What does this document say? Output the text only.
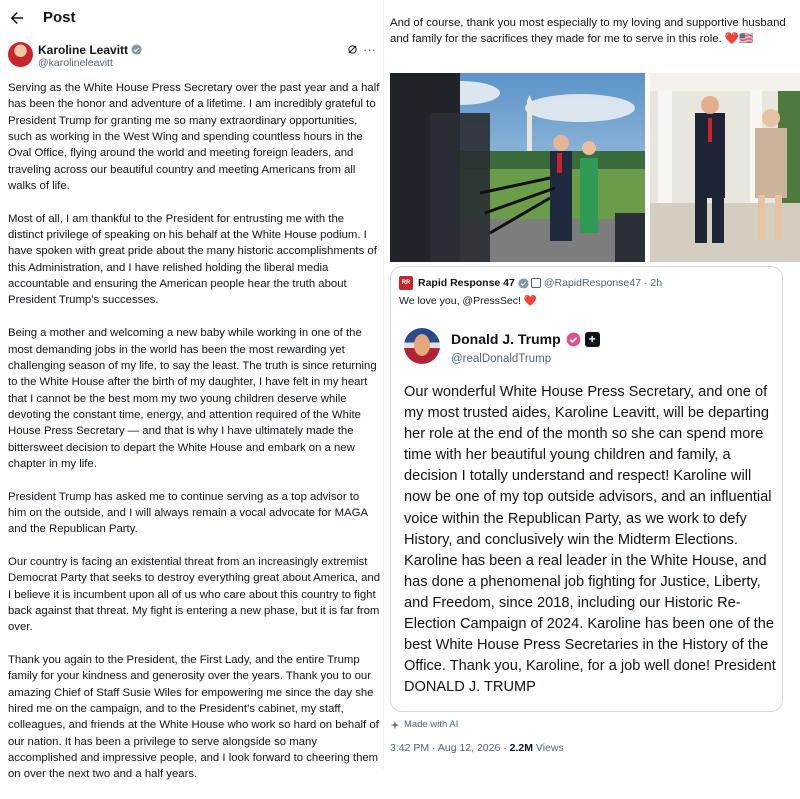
Post
Karoline Leavitt
@karolineleavitt
···

Serving as the White House Press Secretary over the past year and a half has been the honor and adventure of a lifetime. I am incredibly grateful to President Trump for granting me so many extraordinary opportunities, such as working in the West Wing and spending countless hours in the Oval Office, flying around the world and meeting foreign leaders, and traveling across our beautiful country and meeting Americans from all walks of life.

Most of all, I am thankful to the President for entrusting me with the distinct privilege of speaking on his behalf at the White House podium. I have spoken with great pride about the many historic accomplishments of this Administration, and I have relished holding the liberal media accountable and ensuring the American people hear the truth about President Trump’s successes.

Being a mother and welcoming a new baby while working in one of the most demanding jobs in the world has been the most rewarding yet challenging season of my life, to say the least. The truth is since returning to the White House after the birth of my daughter, I have felt in my heart that I cannot be the best mom my two young children deserve while devoting the constant time, energy, and attention required of the White House Press Secretary — and that is why I have ultimately made the bittersweet decision to depart the White House and embark on a new chapter in my life.

President Trump has asked me to continue serving as a top advisor to him on the outside, and I will always remain a vocal advocate for MAGA and the Republican Party.

Our country is facing an existential threat from an increasingly extremist Democrat Party that seeks to destroy everything great about America, and I believe it is incumbent upon all of us who care about this country to fight back against that threat. My fight is entering a new phase, but it is far from over.

Thank you again to the President, the First Lady, and the entire Trump family for your kindness and generosity over the years. Thank you to our amazing Chief of Staff Susie Wiles for empowering me since the day she hired me on the campaign, and to the President’s cabinet, my staff, colleagues, and friends at the White House who work so hard on behalf of our nation. It has been a privilege to serve alongside so many accomplished and impressive people, and I look forward to cheering them on over the next two and a half years.

And of course, thank you most especially to my loving and supportive husband and family for the sacrifices they made for me to serve in this role. ❤️🇺🇸
RR Rapid Response 47	@RapidResponse47 · 2h
We love you, @PressSec! ❤️
Donald J. Trump	+
@realDonaldTrump
Our wonderful White House Press Secretary, and one of my most trusted aides, Karoline Leavitt, will be departing her role at the end of the month so she can spend more time with her beautiful young children and family, a decision I totally understand and respect! Karoline will now be one of my top outside advisors, and an influential voice within the Republican Party, as we work to defy History, and conclusively win the Midterm Elections. Karoline has been a real leader in the White House, and has done a phenomenal job fighting for Justice, Liberty, and Freedom, since 2018, including our Historic Re-Election Campaign of 2024. Karoline has been one of the best White House Press Secretaries in the History of the Office. Thank you, Karoline, for a job well done! President DONALD J. TRUMP
Made with AI
3:42 PM · Aug 12, 2026 · 2.2M Views
